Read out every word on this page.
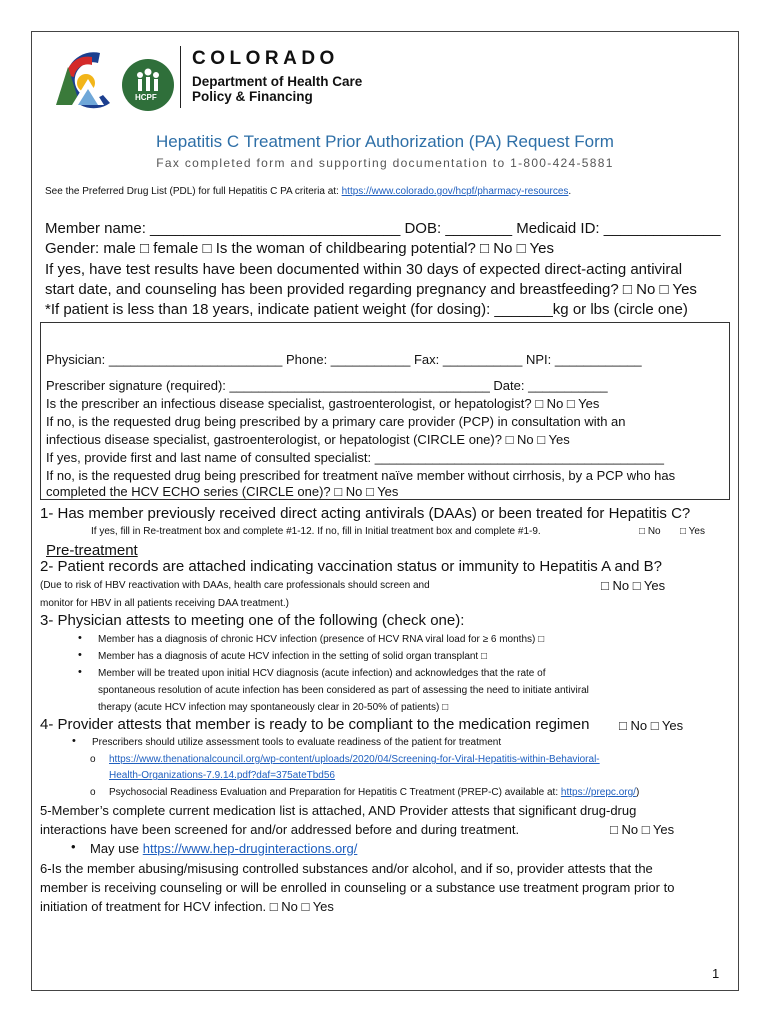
HCPF
COLORADO
Department of Health Care
Policy & Financing
Hepatitis C Treatment Prior Authorization (PA) Request Form
Fax completed form and supporting documentation to 1-800-424-5881
See the Preferred Drug List (PDL) for full Hepatitis C PA criteria at: https://www.colorado.gov/hcpf/pharmacy-resources.
Member name: ______________________________ DOB: ________ Medicaid ID: ______________
Gender: male □ female □ Is the woman of childbearing potential? □ No □ Yes
If yes, have test results have been documented within 30 days of expected direct-acting antiviral
start date, and counseling has been provided regarding pregnancy and breastfeeding? □ No □ Yes
*If patient is less than 18 years, indicate patient weight (for dosing): _______kg or lbs (circle one)
Physician: ________________________ Phone: ___________ Fax: ___________ NPI: ____________
Prescriber signature (required): ____________________________________ Date: ___________
Is the prescriber an infectious disease specialist, gastroenterologist, or hepatologist? □ No □ Yes
If no, is the requested drug being prescribed by a primary care provider (PCP) in consultation with an
infectious disease specialist, gastroenterologist, or hepatologist (CIRCLE one)? □ No □ Yes
If yes, provide first and last name of consulted specialist: ________________________________________
If no, is the requested drug being prescribed for treatment naïve member without cirrhosis, by a PCP who has
completed the HCV ECHO series (CIRCLE one)? □ No □ Yes
1- Has member previously received direct acting antivirals (DAAs) or been treated for Hepatitis C?
If yes, fill in Re-treatment box and complete #1-12. If no, fill in Initial treatment box and complete #1-9.	□ No □ Yes
Pre-treatment
2- Patient records are attached indicating vaccination status or immunity to Hepatitis A and B?
(Due to risk of HBV reactivation with DAAs, health care professionals should screen and	□ No □ Yes
monitor for HBV in all patients receiving DAA treatment.)
3- Physician attests to meeting one of the following (check one):
• Member has a diagnosis of chronic HCV infection (presence of HCV RNA viral load for ≥ 6 months) □
• Member has a diagnosis of acute HCV infection in the setting of solid organ transplant □
• Member will be treated upon initial HCV diagnosis (acute infection) and acknowledges that the rate of
spontaneous resolution of acute infection has been considered as part of assessing the need to initiate antiviral
therapy (acute HCV infection may spontaneously clear in 20-50% of patients) □
4- Provider attests that member is ready to be compliant to the medication regimen □ No □ Yes
• Prescribers should utilize assessment tools to evaluate readiness of the patient for treatment
o https://www.thenationalcouncil.org/wp-content/uploads/2020/04/Screening-for-Viral-Hepatitis-within-Behavioral-
Health-Organizations-7.9.14.pdf?daf=375ateTbd56
o Psychosocial Readiness Evaluation and Preparation for Hepatitis C Treatment (PREP-C) available at: https://prepc.org/)
5-Member’s complete current medication list is attached, AND Provider attests that significant drug-drug
interactions have been screened for and/or addressed before and during treatment.	□ No □ Yes
• May use https://www.hep-druginteractions.org/
6-Is the member abusing/misusing controlled substances and/or alcohol, and if so, provider attests that the
member is receiving counseling or will be enrolled in counseling or a substance use treatment program prior to
initiation of treatment for HCV infection. □ No □ Yes
1
